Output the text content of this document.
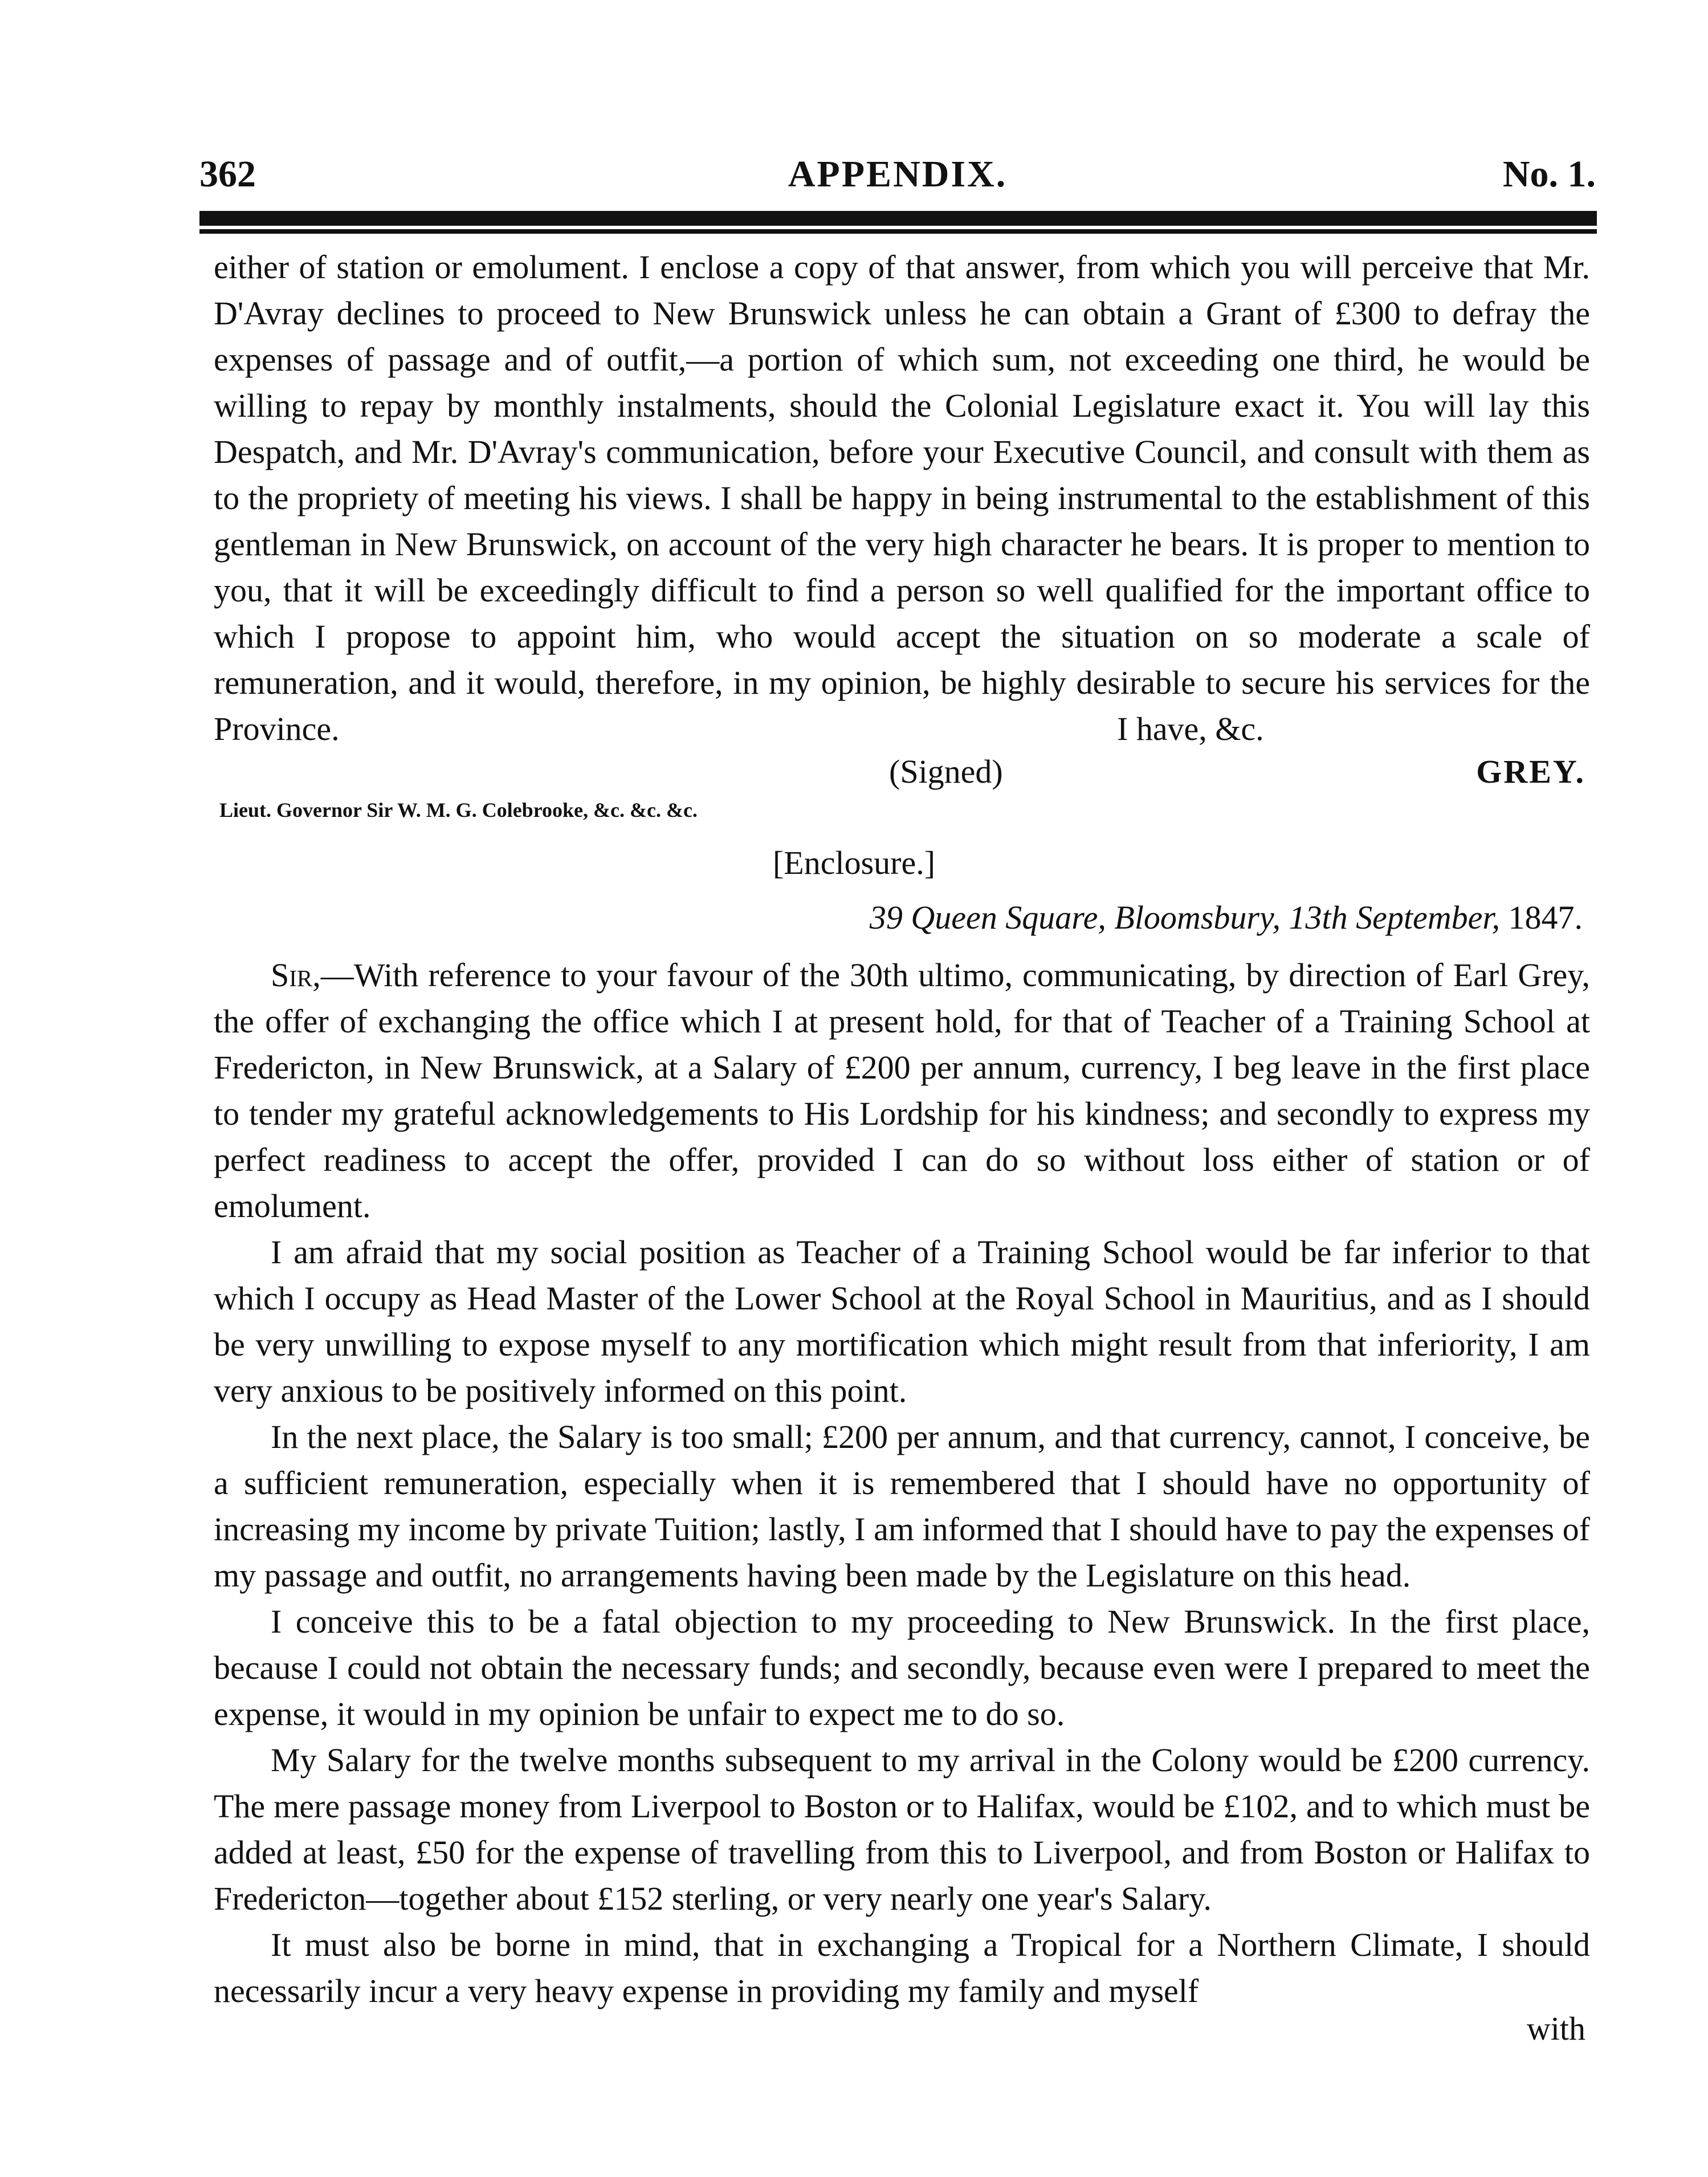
362	APPENDIX.	No. 1.

either of station or emolument. I enclose a copy of that answer, from which you will perceive that Mr. D'Avray declines to proceed to New Brunswick unless he can obtain a Grant of £300 to defray the expenses of passage and of outfit,—a portion of which sum, not exceeding one third, he would be willing to repay by monthly instalments, should the Colonial Legislature exact it. You will lay this Despatch, and Mr. D'Avray's communication, before your Executive Council, and consult with them as to the propriety of meeting his views. I shall be happy in being instrumental to the establishment of this gentleman in New Brunswick, on account of the very high character he bears. It is proper to mention to you, that it will be exceedingly difficult to find a person so well qualified for the important office to which I propose to appoint him, who would accept the situation on so moderate a scale of remuneration, and it would, therefore, in my opinion, be highly desirable to secure his services for the Province.	I have, &c.
(Signed)	GREY.
Lieut. Governor Sir W. M. G. Colebrooke, &c. &c. &c.
[Enclosure.]
39 Queen Square, Bloomsbury, 13th September, 1847.

Sir,—With reference to your favour of the 30th ultimo, communicating, by direction of Earl Grey, the offer of exchanging the office which I at present hold, for that of Teacher of a Training School at Fredericton, in New Brunswick, at a Salary of £200 per annum, currency, I beg leave in the first place to tender my grateful acknowledgements to His Lordship for his kindness; and secondly to express my perfect readiness to accept the offer, provided I can do so without loss either of station or of emolument.

I am afraid that my social position as Teacher of a Training School would be far inferior to that which I occupy as Head Master of the Lower School at the Royal School in Mauritius, and as I should be very unwilling to expose myself to any mortification which might result from that inferiority, I am very anxious to be positively informed on this point.

In the next place, the Salary is too small; £200 per annum, and that currency, cannot, I conceive, be a sufficient remuneration, especially when it is remembered that I should have no opportunity of increasing my income by private Tuition; lastly, I am informed that I should have to pay the expenses of my passage and outfit, no arrangements having been made by the Legislature on this head.

I conceive this to be a fatal objection to my proceeding to New Brunswick. In the first place, because I could not obtain the necessary funds; and secondly, because even were I prepared to meet the expense, it would in my opinion be unfair to expect me to do so.

My Salary for the twelve months subsequent to my arrival in the Colony would be £200 currency. The mere passage money from Liverpool to Boston or to Halifax, would be £102, and to which must be added at least, £50 for the expense of travelling from this to Liverpool, and from Boston or Halifax to Fredericton—together about £152 sterling, or very nearly one year's Salary.

It must also be borne in mind, that in exchanging a Tropical for a Northern Climate, I should necessarily incur a very heavy expense in providing my family and myself

with
